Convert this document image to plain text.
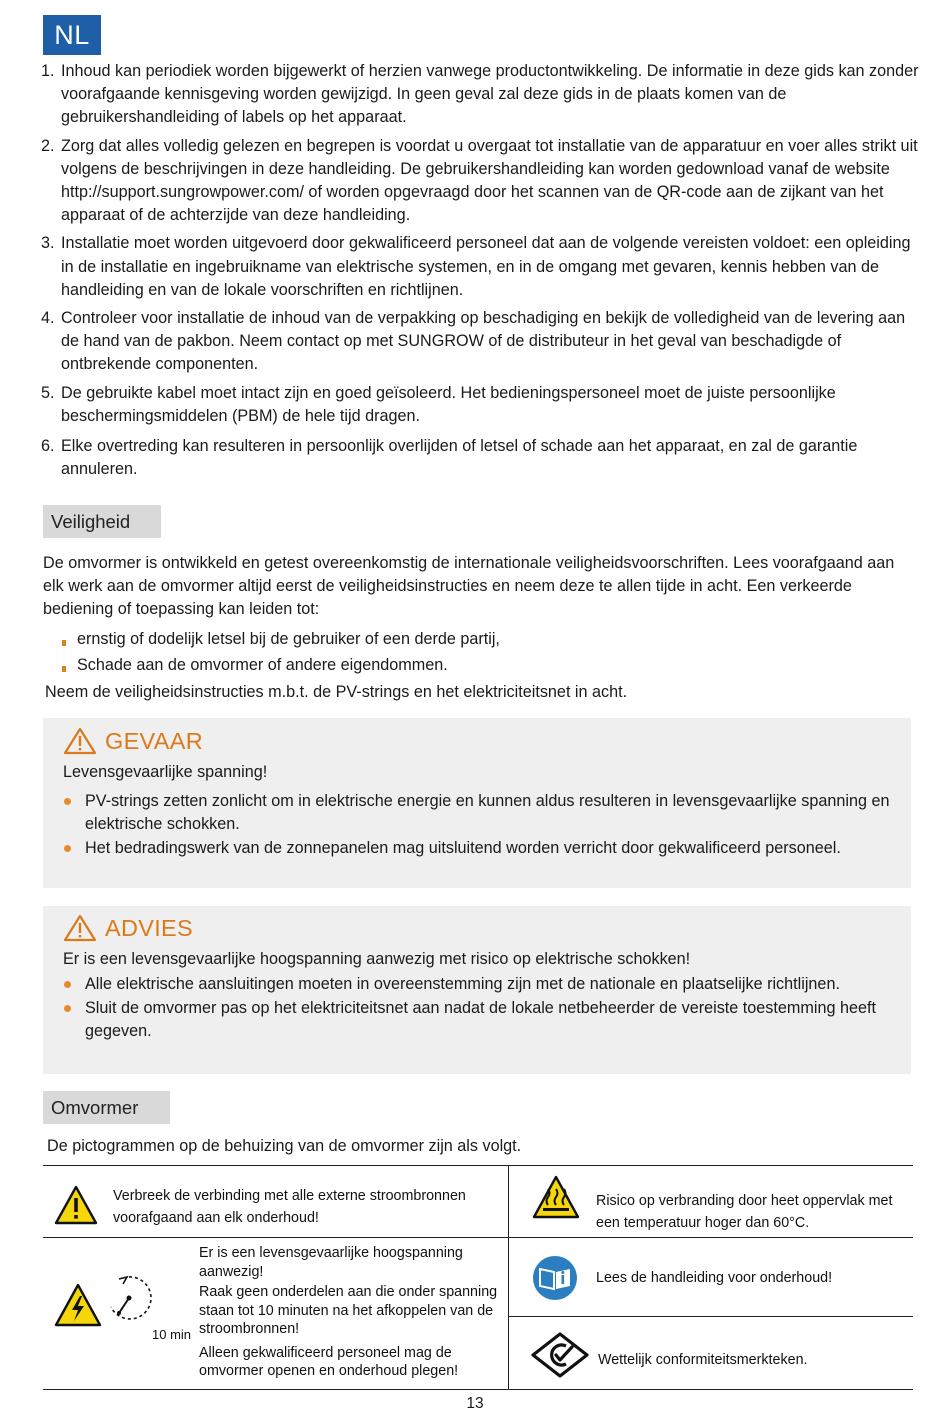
NL
1. Inhoud kan periodiek worden bijgewerkt of herzien vanwege productontwikkeling. De informatie in deze gids kan zonder voorafgaande kennisgeving worden gewijzigd. In geen geval zal deze gids in de plaats komen van de gebruikershandleiding of labels op het apparaat.
2. Zorg dat alles volledig gelezen en begrepen is voordat u overgaat tot installatie van de apparatuur en voer alles strikt uit volgens de beschrijvingen in deze handleiding. De gebruikershandleiding kan worden gedownload vanaf de website http://support.sungrowpower.com/ of worden opgevraagd door het scannen van de QR-code aan de zijkant van het apparaat of de achterzijde van deze handleiding.
3. Installatie moet worden uitgevoerd door gekwalificeerd personeel dat aan de volgende vereisten voldoet: een opleiding in de installatie en ingebruikname van elektrische systemen, en in de omgang met gevaren, kennis hebben van de handleiding en van de lokale voorschriften en richtlijnen.
4. Controleer voor installatie de inhoud van de verpakking op beschadiging en bekijk de volledigheid van de levering aan de hand van de pakbon. Neem contact op met SUNGROW of de distributeur in het geval van beschadigde of ontbrekende componenten.
5. De gebruikte kabel moet intact zijn en goed geïsoleerd. Het bedieningspersoneel moet de juiste persoonlijke beschermingsmiddelen (PBM) de hele tijd dragen.
6. Elke overtreding kan resulteren in persoonlijk overlijden of letsel of schade aan het apparaat, en zal de garantie annuleren.
Veiligheid
De omvormer is ontwikkeld en getest overeenkomstig de internationale veiligheidsvoorschriften. Lees voorafgaand aan elk werk aan de omvormer altijd eerst de veiligheidsinstructies en neem deze te allen tijde in acht. Een verkeerde bediening of toepassing kan leiden tot:
ernstig of dodelijk letsel bij de gebruiker of een derde partij,
Schade aan de omvormer of andere eigendommen.
Neem de veiligheidsinstructies m.b.t. de PV-strings en het elektriciteitsnet in acht.
GEVAAR
Levensgevaarlijke spanning!
PV-strings zetten zonlicht om in elektrische energie en kunnen aldus resulteren in levensgevaarlijke spanning en elektrische schokken.
Het bedradingswerk van de zonnepanelen mag uitsluitend worden verricht door gekwalificeerd personeel.
ADVIES
Er is een levensgevaarlijke hoogspanning aanwezig met risico op elektrische schokken!
Alle elektrische aansluitingen moeten in overeenstemming zijn met de nationale en plaatselijke richtlijnen.
Sluit de omvormer pas op het elektriciteitsnet aan nadat de lokale netbeheerder de vereiste toestemming heeft gegeven.
Omvormer
De pictogrammen op de behuizing van de omvormer zijn als volgt.
Verbreek de verbinding met alle externe stroombronnen voorafgaand aan elk onderhoud!
Risico op verbranding door heet oppervlak met een temperatuur hoger dan 60°C.
10 min

Er is een levensgevaarlijke hoogspanning aanwezig!

Raak geen onderdelen aan die onder spanning staan tot 10 minuten na het afkoppelen van de stroombronnen!

Alleen gekwalificeerd personeel mag de omvormer openen en onderhoud plegen!

Lees de handleiding voor onderhoud!
Wettelijk conformiteitsmerkteken.
13
